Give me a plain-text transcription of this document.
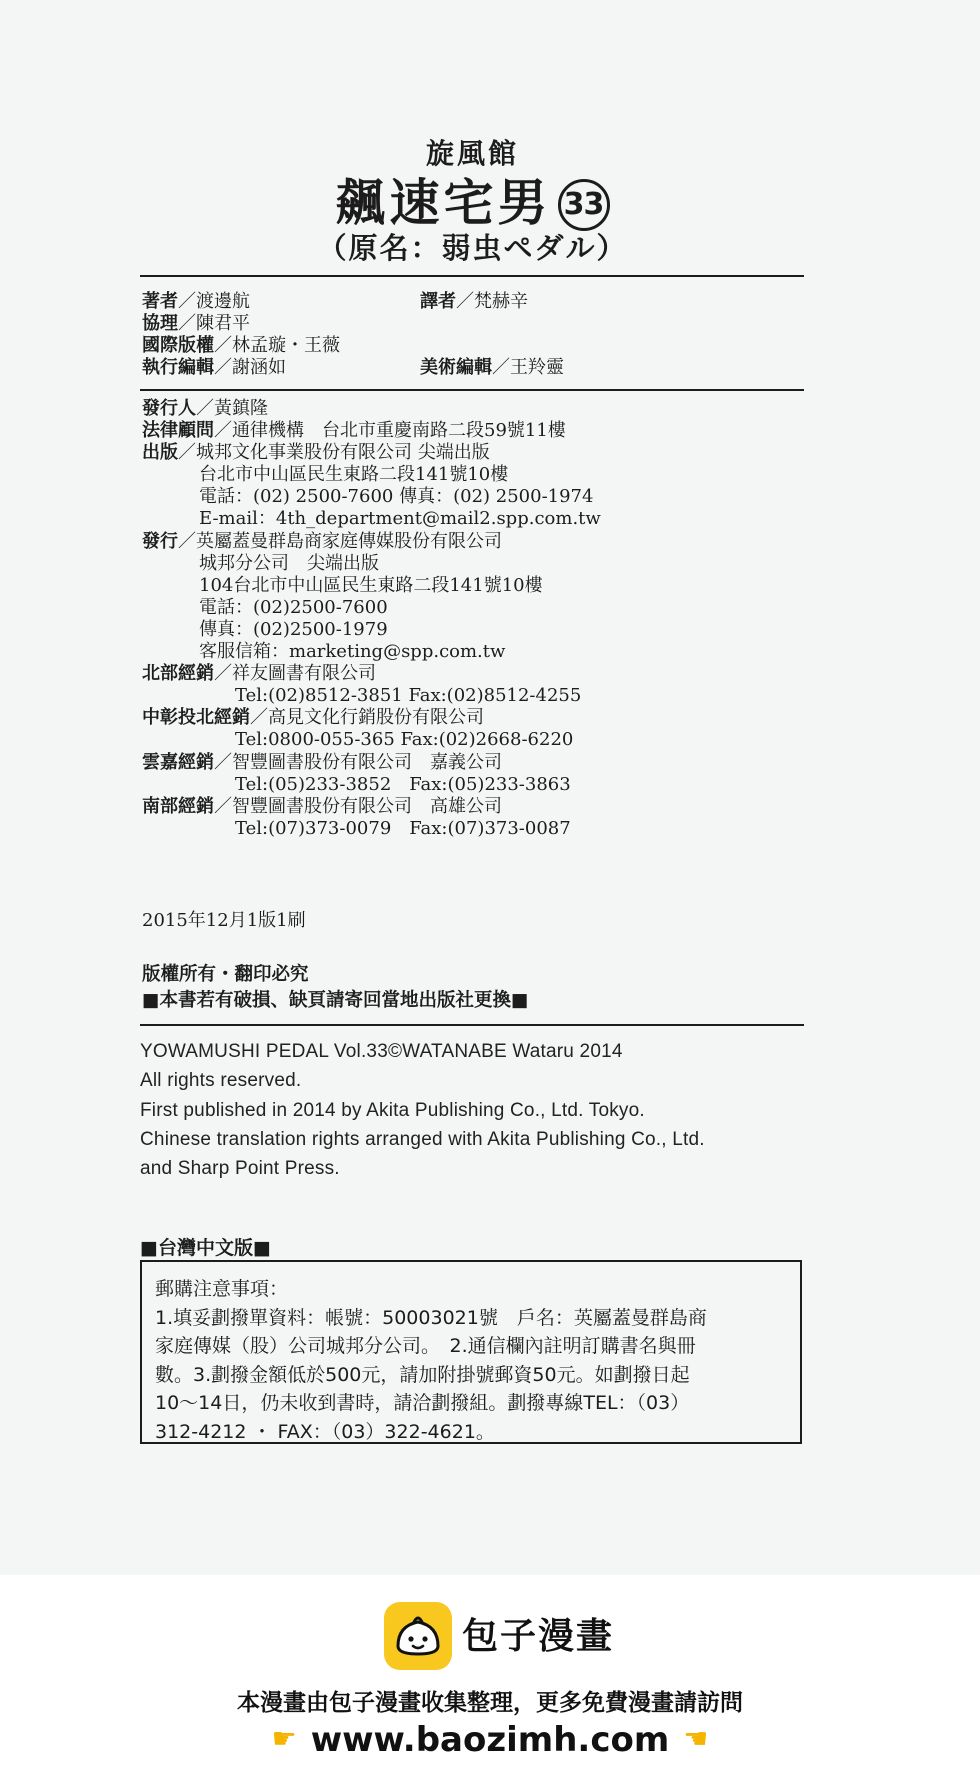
旋風館
飆速宅男 33
（原名：弱虫ペダル）
著者／渡邊航	譯者／梵赫辛
協理／陳君平
國際版權／林孟璇・王薇
執行編輯／謝涵如	美術編輯／王羚靈
發行人／黃鎮隆
法律顧問／通律機構　台北市重慶南路二段59號11樓
出版／城邦文化事業股份有限公司 尖端出版
台北市中山區民生東路二段141號10樓
電話：(02) 2500-7600 傳真：(02) 2500-1974
E-mail：4th_department@mail2.spp.com.tw
發行／英屬蓋曼群島商家庭傳媒股份有限公司
城邦分公司　尖端出版
104台北市中山區民生東路二段141號10樓
電話：(02)2500-7600
傳真：(02)2500-1979
客服信箱：marketing@spp.com.tw
北部經銷／祥友圖書有限公司
Tel:(02)8512-3851 Fax:(02)8512-4255
中彰投北經銷／高見文化行銷股份有限公司
Tel:0800-055-365 Fax:(02)2668-6220
雲嘉經銷／智豐圖書股份有限公司　嘉義公司
Tel:(05)233-3852　Fax:(05)233-3863
南部經銷／智豐圖書股份有限公司　高雄公司
Tel:(07)373-0079　Fax:(07)373-0087
2015年12月1版1刷
版權所有・翻印必究
■本書若有破損、缺頁請寄回當地出版社更換■
YOWAMUSHI PEDAL Vol.33©WATANABE Wataru 2014
All rights reserved.
First published in 2014 by Akita Publishing Co., Ltd. Tokyo.
Chinese translation rights arranged with Akita Publishing Co., Ltd.
and Sharp Point Press.
■台灣中文版■
郵購注意事項：
1.填妥劃撥單資料：帳號：50003021號　戶名：英屬蓋曼群島商
家庭傳媒（股）公司城邦分公司。　2.通信欄內註明訂購書名與冊
數。3.劃撥金額低於500元，請加附掛號郵資50元。如劃撥日起
10～14日，仍未收到書時，請洽劃撥組。劃撥專線TEL：（03）
312-4212 ・ FAX：（03）322-4621。
包子漫畫
本漫畫由包子漫畫收集整理，更多免費漫畫請訪問
☛ www.baozimh.com ☚
